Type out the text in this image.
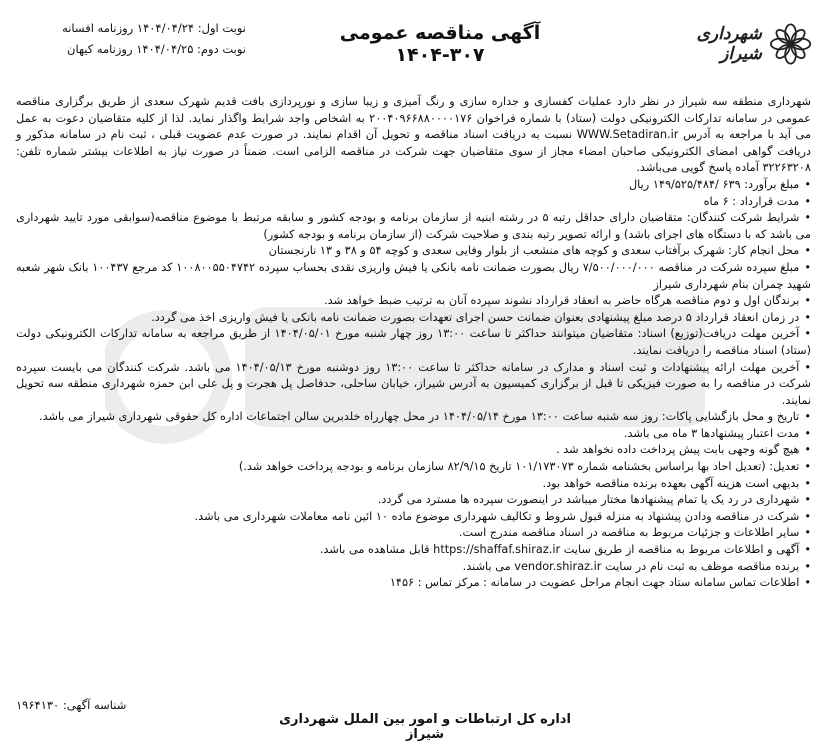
شهرداری شیراز
آگهی مناقصه عمومی ۳۰۷-۱۴۰۴
نوبت اول: ۱۴۰۴/۰۴/۲۴ روزنامه افسانه
نوبت دوم: ۱۴۰۴/۰۴/۲۵ روزنامه کیهان

شهرداری منطقه سه شیراز در نظر دارد عملیات کفسازی و جداره سازی و رنگ آمیزی و زیبا سازی و نورپردازی بافت قدیم شهرک سعدی از طریق برگزاری مناقصه عمومی در سامانه تدارکات الکترونیکی دولت (ستاد) با شماره فراخوان ۲۰۰۴۰۹۶۶۸۸۰۰۰۰۱۷۶ به اشخاص واجد شرایط واگذار نماید. لذا از کلیه متقاضیان دعوت به عمل می آید با مراجعه به آدرس WWW.Setadiran.ir نسبت به دریافت اسناد مناقصه و تحویل آن اقدام نمایند. در صورت عدم عضویت قبلی ، ثبت نام در سامانه مذکور و دریافت گواهی امضای الکترونیکی صاحبان امضاء مجاز از سوی متقاضیان جهت شرکت در مناقصه الزامی است. ضمناً در صورت نیاز به اطلاعات بیشتر شماره تلفن: ۳۲۲۶۳۲۰۸ آماده پاسخ گویی می‌باشد.

• مبلغ برآورد: ۶۳۹ /۱۴۹/۵۲۵/۴۸۴ ریال

• مدت قرارداد : ۶ ماه

• شرایط شرکت کنندگان: متقاضیان دارای حداقل رتبه ۵ در رشته ابنیه از سازمان برنامه و بودجه کشور و سابقه مرتبط با موضوع مناقصه(سوابقی مورد تایید شهرداری می باشد که با دستگاه های اجرای باشد) و ارائه تصویر رتبه بندی و صلاحیت شرکت (از سازمان برنامه و بودجه کشور)

• محل انجام کار: شهرک برآفتاب سعدی و کوچه های منشعب از بلوار وفایی سعدی و کوچه ۵۴ و ۳۸ و ۱۳ نارنجستان

• مبلغ سپرده شرکت در مناقصه ۷/۵۰۰/۰۰۰/۰۰۰ ریال بصورت ضمانت نامه بانکی یا فیش واریزی نقدی بحساب سپرده ۱۰۰۸۰۰۵۵۰۴۷۴۲ کد مرجع ۱۰۰۴۳۷ بانک شهر شعبه شهید چمران بنام شهرداری شیراز

• برندگان اول و دوم مناقصه هرگاه حاضر به انعقاد قرارداد نشوند سپرده آنان به ترتیب ضبط خواهد شد.

• در زمان انعقاد قرارداد ۵ درصد مبلغ پیشنهادی بعنوان ضمانت حسن اجرای تعهدات بصورت ضمانت نامه بانکی یا فیش واریزی اخذ می گردد.

• آخرین مهلت دریافت(توزیع) اسناد: متقاضیان میتوانند حداکثر تا ساعت ۱۳:۰۰ روز چهار شنبه مورخ ۱۴۰۴/۰۵/۰۱ از طریق مراجعه به سامانه تدارکات الکترونیکی دولت (ستاد) اسناد مناقصه را دریافت نمایند.

• آخرین مهلت ارائه پیشنهادات و ثبت اسناد و مدارک در سامانه حداکثر تا ساعت ۱۳:۰۰ روز دوشنبه مورخ ۱۴۰۴/۰۵/۱۳ می باشد. شرکت کنندگان می بایست سپرده شرکت در مناقصه را به صورت فیزیکی تا قبل از برگزاری کمیسیون به آدرس شیراز، خیابان ساحلی، حدفاصل پل هجرت و پل علی ابن حمزه شهرداری منطقه سه تحویل نمایند.

• تاریخ و محل بازگشایی پاکات: روز سه شنبه ساعت ۱۳:۰۰ مورخ ۱۴۰۴/۰۵/۱۴ در محل چهارراه خلدبرین سالن اجتماعات اداره کل حقوقی شهرداری شیراز می باشد.

• مدت اعتبار پیشنهادها ۳ ماه می باشد.

• هیچ گونه وجهی بابت پیش پرداخت داده نخواهد شد .

• تعدیل: (تعدیل احاد بها براساس بخشنامه شماره ۱۰۱/۱۷۳۰۷۳ تاریخ ۸۲/۹/۱۵ سازمان برنامه و بودجه پرداخت خواهد شد.)

• بدیهی است هزینه آگهی بعهده برنده مناقصه خواهد بود.

• شهرداری در رد یک یا تمام پیشنهادها مختار میباشد در اینصورت سپرده ها مسترد می گردد.

• شرکت در مناقصه ودادن پیشنهاد به منزله قبول شروط و تکالیف شهرداری موضوع ماده ۱۰ ائین نامه معاملات شهرداری می باشد.

• سایر اطلاعات و جزئیات مربوط به مناقصه در اسناد مناقصه مندرج است.

• آگهی و اطلاعات مربوط به مناقصه از طریق سایت https://shaffaf.shiraz.ir قابل مشاهده می باشد.

• برنده مناقصه موظف به ثبت نام در سایت vendor.shiraz.ir می باشند.

• اطلاعات تماس سامانه ستاد جهت انجام مراحل عضویت در سامانه : مرکز تماس : ۱۴۵۶

اداره کل ارتباطات و امور بین الملل شهرداری شیراز
شناسه آگهی: ۱۹۶۴۱۳۰
